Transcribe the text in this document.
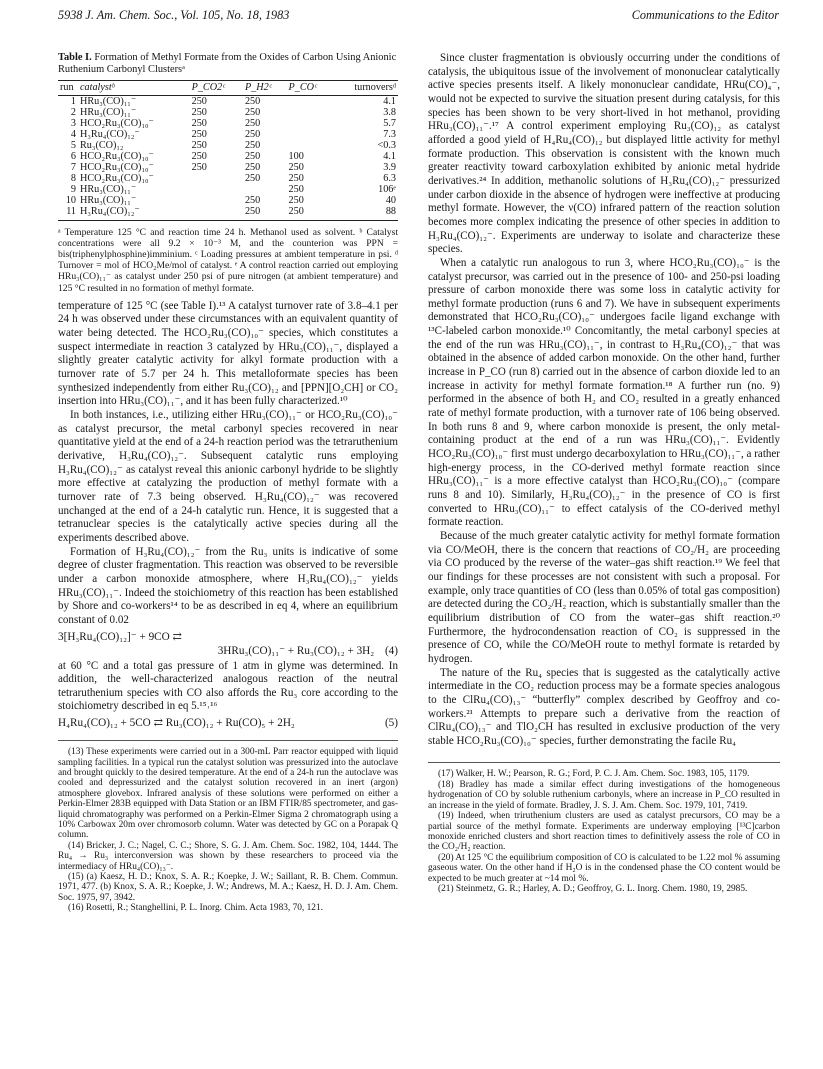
5938 J. Am. Chem. Soc., Vol. 105, No. 18, 1983	Communications to the Editor
Table I. Formation of Methyl Formate from the Oxides of Carbon Using Anionic Ruthenium Carbonyl Clustersᵃ
run	catalystᵇ	P_CO2ᶜ	P_H2ᶜ	P_COᶜ	turnoversᵈ
1	HRu₃(CO)₁₁⁻	250	250		4.1
2	HRu₃(CO)₁₁⁻	250	250		3.8
3	HCO₂Ru₃(CO)₁₀⁻	250	250		5.7
4	H₃Ru₄(CO)₁₂⁻	250	250		7.3
5	Ru₃(CO)₁₂	250	250		<0.3
6	HCO₂Ru₃(CO)₁₀⁻	250	250	100	4.1
7	HCO₂Ru₃(CO)₁₀⁻	250	250	250	3.9
8	HCO₂Ru₃(CO)₁₀⁻		250	250	6.3
9	HRu₃(CO)₁₁⁻			250	106ᵉ
10	HRu₃(CO)₁₁⁻		250	250	40
11	H₃Ru₄(CO)₁₂⁻		250	250	88

ᵃ Temperature 125 °C and reaction time 24 h. Methanol used as solvent. ᵇ Catalyst concentrations were all 9.2 × 10⁻³ M, and the counterion was PPN = bis(triphenylphosphine)imminium. ᶜ Loading pressures at ambient temperature in psi. ᵈ Turnover = mol of HCO₂Me/mol of catalyst. ᵉ A control reaction carried out employing HRu₃(CO)₁₁⁻ as catalyst under 250 psi of pure nitrogen (at ambient temperature) and 125 °C resulted in no formation of methyl formate.

temperature of 125 °C (see Table I).¹³ A catalyst turnover rate of 3.8–4.1 per 24 h was observed under these circumstances with an equivalent quantity of water being detected. The HCO₂Ru₃(CO)₁₀⁻ species, which constitutes a suspect intermediate in reaction 3 catalyzed by HRu₃(CO)₁₁⁻, displayed a slightly greater catalytic activity for alkyl formate production with a turnover rate of 5.7 per 24 h. This metalloformate species has been synthesized independently from either Ru₃(CO)₁₂ and [PPN][O₂CH] or CO₂ insertion into HRu₃(CO)₁₁⁻, and it has been fully characterized.¹⁰

In both instances, i.e., utilizing either HRu₃(CO)₁₁⁻ or HCO₂Ru₃(CO)₁₀⁻ as catalyst precursor, the metal carbonyl species recovered in near quantitative yield at the end of a 24-h reaction period was the tetraruthenium derivative, H₃Ru₄(CO)₁₂⁻. Subsequent catalytic runs employing H₃Ru₄(CO)₁₂⁻ as catalyst reveal this anionic carbonyl hydride to be slightly more effective at catalyzing the production of methyl formate with a turnover rate of 7.3 being observed. H₃Ru₄(CO)₁₂⁻ was recovered unchanged at the end of a 24-h catalytic run. Hence, it is suggested that a tetranuclear species is the catalytically active species during all the experiments described above.

Formation of H₃Ru₄(CO)₁₂⁻ from the Ru₃ units is indicative of some degree of cluster fragmentation. This reaction was observed to be reversible under a carbon monoxide atmosphere, where H₃Ru₄(CO)₁₂⁻ yields HRu₃(CO)₁₁⁻. Indeed the stoichiometry of this reaction has been established by Shore and co-workers¹⁴ to be as described in eq 4, where an equilibrium constant of 0.02

3[H₃Ru₄(CO)₁₂]⁻ + 9CO ⇄
3HRu₃(CO)₁₁⁻ + Ru₃(CO)₁₂ + 3H₂ (4)

at 60 °C and a total gas pressure of 1 atm in glyme was determined. In addition, the well-characterized analogous reaction of the neutral tetraruthenium species with CO also affords the Ru₃ core according to the stoichiometry described in eq 5.¹⁵˒¹⁶

H₄Ru₄(CO)₁₂ + 5CO ⇄ Ru₃(CO)₁₂ + Ru(CO)₅ + 2H₂	(5)

(13) These experiments were carried out in a 300-mL Parr reactor equipped with liquid sampling facilities. In a typical run the catalyst solution was pressurized into the autoclave and brought quickly to the desired temperature. At the end of a 24-h run the autoclave was cooled and depressurized and the catalyst solution recovered in an inert (argon) atmosphere glovebox. Infrared analysis of these solutions were performed on either a Perkin-Elmer 283B equipped with Data Station or an IBM FTIR/85 spectrometer, and gas-liquid chromatography was performed on a Perkin-Elmer Sigma 2 chromatograph using a 10% Carbowax 20m over chromosorb column. Water was detected by GC on a Porapak Q column.

(14) Bricker, J. C.; Nagel, C. C.; Shore, S. G. J. Am. Chem. Soc. 1982, 104, 1444. The Ru₄ → Ru₃ interconversion was shown by these researchers to proceed via the intermediacy of HRu₄(CO)₁₃⁻.

(15) (a) Kaesz, H. D.; Knox, S. A. R.; Koepke, J. W.; Saillant, R. B. Chem. Commun. 1971, 477. (b) Knox, S. A. R.; Koepke, J. W.; Andrews, M. A.; Kaesz, H. D. J. Am. Chem. Soc. 1975, 97, 3942.

(16) Rosetti, R.; Stanghellini, P. L. Inorg. Chim. Acta 1983, 70, 121.

Since cluster fragmentation is obviously occurring under the conditions of catalysis, the ubiquitous issue of the involvement of mononuclear catalytically active species presents itself. A likely mononuclear candidate, HRu(CO)₄⁻, would not be expected to survive the situation present during catalysis, for this species has been shown to be very short-lived in hot methanol, providing HRu₃(CO)₁₁⁻.¹⁷ A control experiment employing Ru₃(CO)₁₂ as catalyst afforded a good yield of H₄Ru₄(CO)₁₂ but displayed little activity for methyl formate production. This observation is consistent with the known much greater reactivity toward carboxylation exhibited by anionic metal hydride derivatives.²⁴ In addition, methanolic solutions of H₃Ru₄(CO)₁₂⁻ pressurized under carbon dioxide in the absence of hydrogen were ineffective at producing methyl formate. However, the ν(CO) infrared pattern of the reaction solution becomes more complex indicating the presence of other species in addition to H₃Ru₄(CO)₁₂⁻. Experiments are underway to isolate and characterize these species.

When a catalytic run analogous to run 3, where HCO₂Ru₃(CO)₁₀⁻ is the catalyst precursor, was carried out in the presence of 100- and 250-psi loading pressure of carbon monoxide there was some loss in catalytic activity for methyl formate production (runs 6 and 7). We have in subsequent experiments demonstrated that HCO₂Ru₃(CO)₁₀⁻ undergoes facile ligand exchange with ¹³C-labeled carbon monoxide.¹⁰ Concomitantly, the metal carbonyl species at the end of the run was HRu₃(CO)₁₁⁻, in contrast to H₃Ru₄(CO)₁₂⁻ that was obtained in the absence of added carbon monoxide. On the other hand, further increase in P_CO (run 8) carried out in the absence of carbon dioxide led to an increase in activity for methyl formate formation.¹⁸ A further run (no. 9) performed in the absence of both H₂ and CO₂ resulted in a greatly enhanced rate of methyl formate production, with a turnover rate of 106 being observed. In both runs 8 and 9, where carbon monoxide is present, the only metal-containing product at the end of a run was HRu₃(CO)₁₁⁻. Evidently HCO₂Ru₃(CO)₁₀⁻ first must undergo decarboxylation to HRu₃(CO)₁₁⁻, a rather high-energy process, in the CO-derived methyl formate reaction since HRu₃(CO)₁₁⁻ is a more effective catalyst than HCO₂Ru₃(CO)₁₀⁻ (compare runs 8 and 10). Similarly, H₃Ru₄(CO)₁₂⁻ in the presence of CO is first converted to HRu₃(CO)₁₁⁻ to effect catalysis of the CO-derived methyl formate reaction.

Because of the much greater catalytic activity for methyl formate formation via CO/MeOH, there is the concern that reactions of CO₂/H₂ are proceeding via CO produced by the reverse of the water–gas shift reaction.¹⁹ We feel that our findings for these processes are not consistent with such a proposal. For example, only trace quantities of CO (less than 0.05% of total gas composition) are detected during the CO₂/H₂ reaction, which is substantially smaller than the equilibrium distribution of CO from the water–gas shift reaction.²⁰ Furthermore, the hydrocondensation reaction of CO₂ is suppressed in the presence of CO, while the CO/MeOH route to methyl formate is retarded by hydrogen.

The nature of the Ru₄ species that is suggested as the catalytically active intermediate in the CO₂ reduction process may be a formate species analogous to the ClRu₄(CO)₁₃⁻ “butterfly” complex described by Geoffroy and co-workers.²¹ Attempts to prepare such a derivative from the reaction of ClRu₄(CO)₁₃⁻ and TlO₂CH has resulted in exclusive production of the very stable HCO₂Ru₃(CO)₁₀⁻ species, further demonstrating the facile Ru₄

(17) Walker, H. W.; Pearson, R. G.; Ford, P. C. J. Am. Chem. Soc. 1983, 105, 1179.

(18) Bradley has made a similar effect during investigations of the homogeneous hydrogenation of CO by soluble ruthenium carbonyls, where an increase in P_CO resulted in an increase in the yield of formate. Bradley, J. S. J. Am. Chem. Soc. 1979, 101, 7419.

(19) Indeed, when triruthenium clusters are used as catalyst precursors, CO may be a partial source of the methyl formate. Experiments are underway employing [¹³C]carbon monoxide enriched clusters and short reaction times to definitively assess the role of CO in the CO₂/H₂ reaction.

(20) At 125 °C the equilibrium composition of CO is calculated to be 1.22 mol % assuming gaseous water. On the other hand if H₂O is in the condensed phase the CO content would be expected to be much greater at ~14 mol %.

(21) Steinmetz, G. R.; Harley, A. D.; Geoffroy, G. L. Inorg. Chem. 1980, 19, 2985.
